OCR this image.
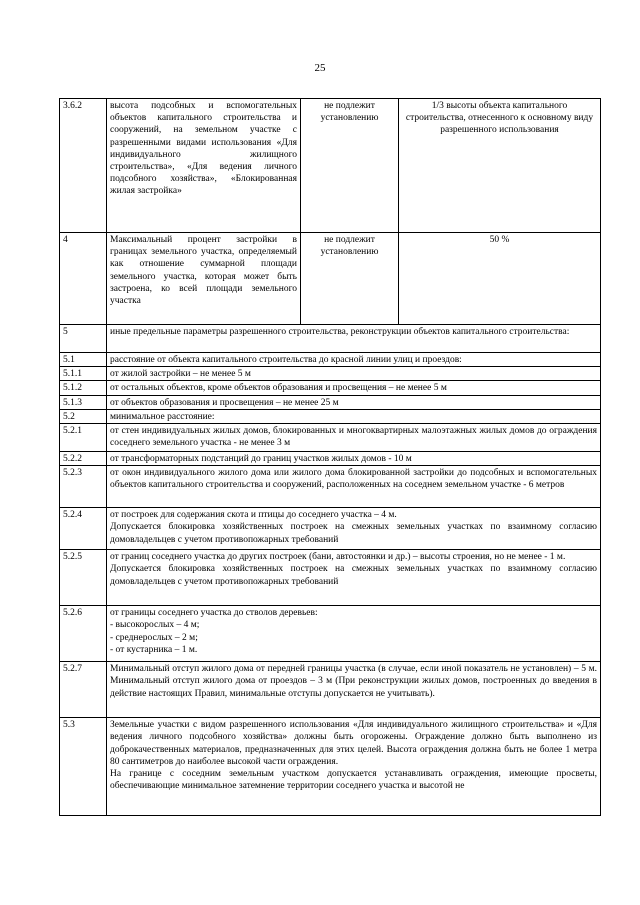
25
3.6.2	высота подсобных и вспомогательных объектов капитального строительства и сооружений, на земельном участке с разрешенными видами использования «Для индивидуального жилищного строительства», «Для ведения личного подсобного хозяйства», «Блокированная жилая застройка»	не подлежит установлению	1/3 высоты объекта капитального строительства, отнесенного к основному виду разрешенного использования
4	Максимальный процент застройки в границах земельного участка, определяемый как отношение суммарной площади земельного участка, которая может быть застроена, ко всей площади земельного участка	не подлежит установлению	50 %
5	иные предельные параметры разрешенного строительства, реконструкции объектов капитального строительства:		
5.1	расстояние от объекта капитального строительства до красной линии улиц и проездов:		
5.1.1	от жилой застройки – не менее 5 м		
5.1.2	от остальных объектов, кроме объектов образования и просвещения – не менее 5 м		
5.1.3	от объектов образования и просвещения – не менее 25 м		
5.2	минимальное расстояние:		
5.2.1	от стен индивидуальных жилых домов, блокированных и многоквартирных малоэтажных жилых домов до ограждения соседнего земельного участка - не менее 3 м		
5.2.2	от трансформаторных подстанций до границ участков жилых домов - 10 м		
5.2.3	от окон индивидуального жилого дома или жилого дома блокированной застройки до подсобных и вспомогательных объектов капитального строительства и сооружений, расположенных на соседнем земельном участке - 6 метров		
5.2.4	от построек для содержания скота и птицы до соседнего участка – 4 м.
Допускается блокировка хозяйственных построек на смежных земельных участках по взаимному согласию домовладельцев с учетом противопожарных требований		

5.2.5	от границ соседнего участка до других построек (бани, автостоянки и др.) – высоты строения, но не менее - 1 м.
Допускается блокировка хозяйственных построек на смежных земельных участках по взаимному согласию домовладельцев с учетом противопожарных требований		

5.2.6	от границы соседнего участка до стволов деревьев:
- высокорослых – 4 м;
- среднерослых – 2 м;
- от кустарника – 1 м.		

5.2.7	Минимальный отступ жилого дома от передней границы участка (в случае, если иной показатель не установлен) – 5 м. Минимальный отступ жилого дома от проездов – 3 м (При реконструкции жилых домов, построенных до введения в действие настоящих Правил, минимальные отступы допускается не учитывать).		
5.3	Земельные участки с видом разрешенного использования «Для индивидуального жилищного строительства» и «Для ведения личного подсобного хозяйства» должны быть огорожены. Ограждение должно быть выполнено из доброкачественных материалов, предназначенных для этих целей. Высота ограждения должна быть не более 1 метра 80 сантиметров до наиболее высокой части ограждения.
На границе с соседним земельным участком допускается устанавливать ограждения, имеющие просветы, обеспечивающие минимальное затемнение территории соседнего участка и высотой не		
